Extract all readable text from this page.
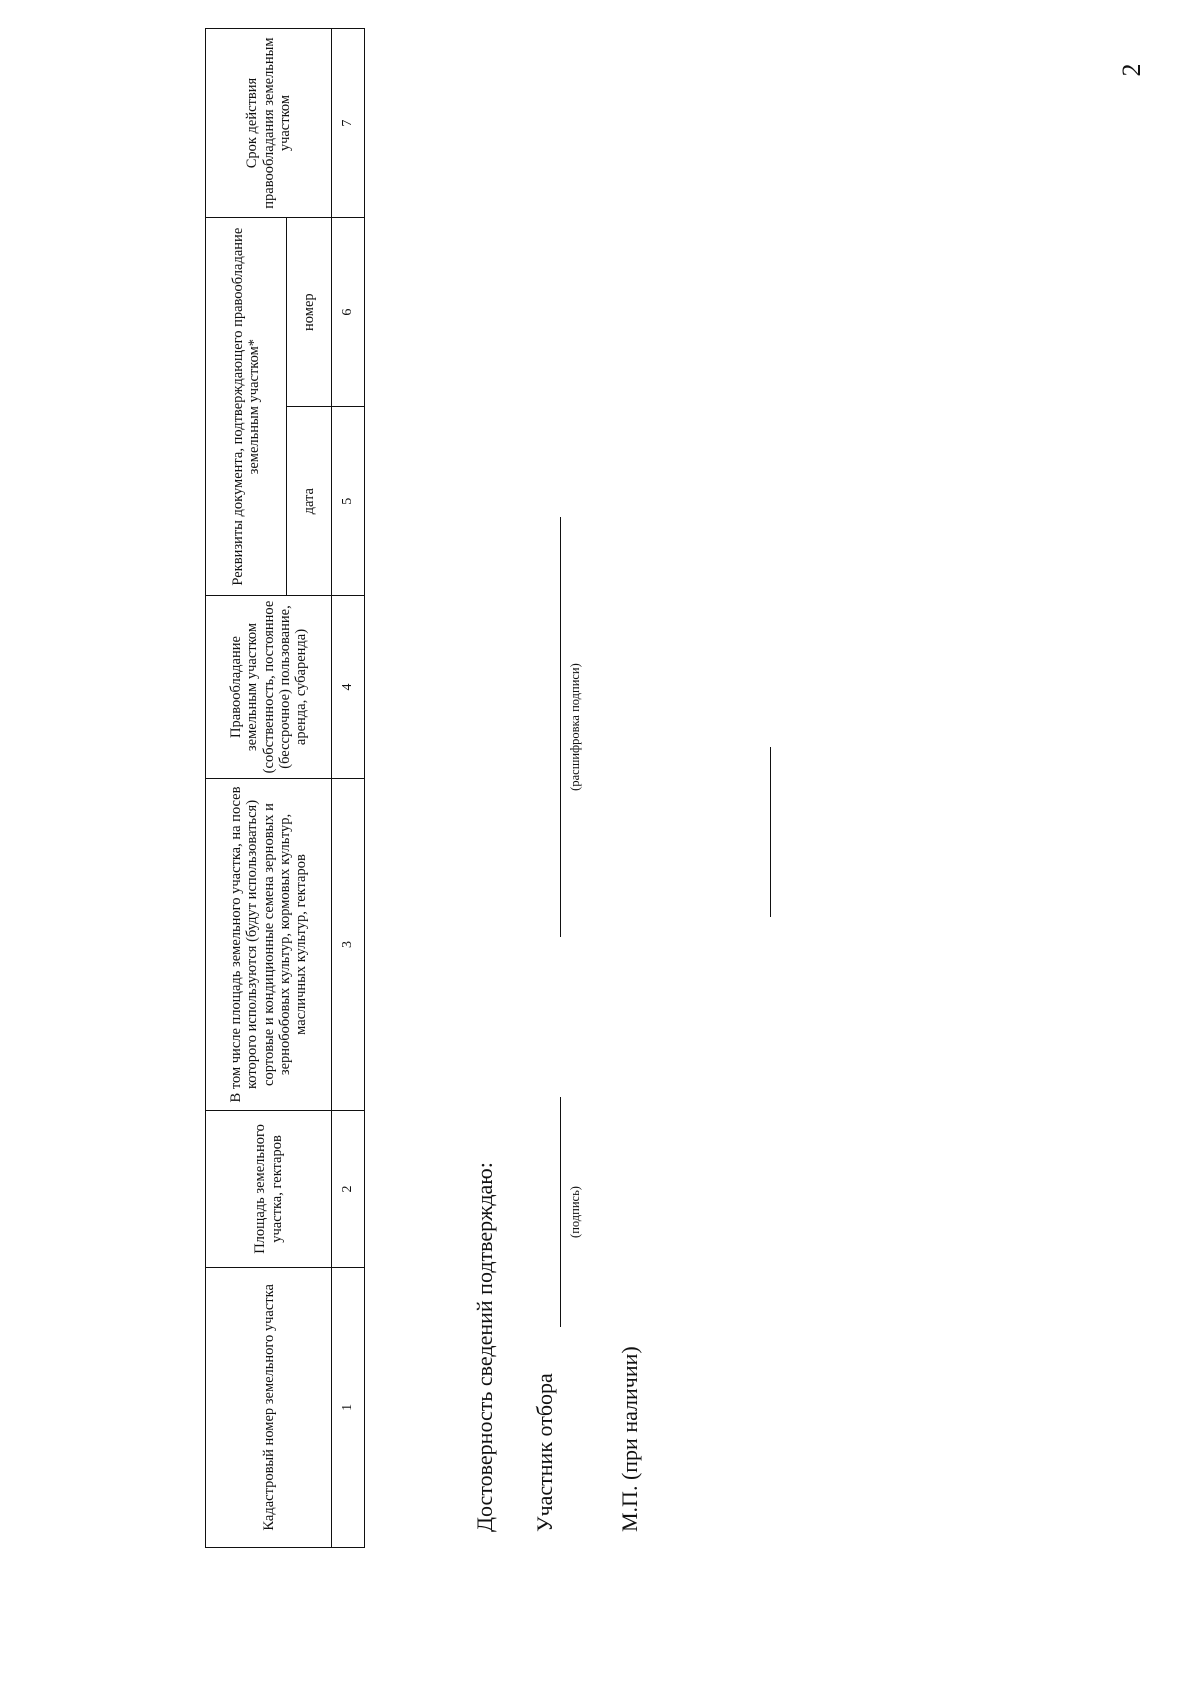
2
Кадастровый номер земельного участка	Площадь земельного участка, гектаров	В том числе площадь земельного участка, на посев которого используются (будут использоваться) сортовые и кондиционные семена зерновых и зернобобовых культур, кормовых культур, масличных культур, гектаров	Правообладание земельным участком (собственность, постоянное (бессрочное) пользование, аренда, субаренда)	Реквизиты документа, подтверждающего правообладание земельным участком*		Срок действия правообладания земельным участком

				дата	номер	
1	2	3	4	5	6	7
Достоверность сведений подтверждаю:	Участник отбора
(подпись)
(расшифровка подписи)
М.П. (при наличии)
